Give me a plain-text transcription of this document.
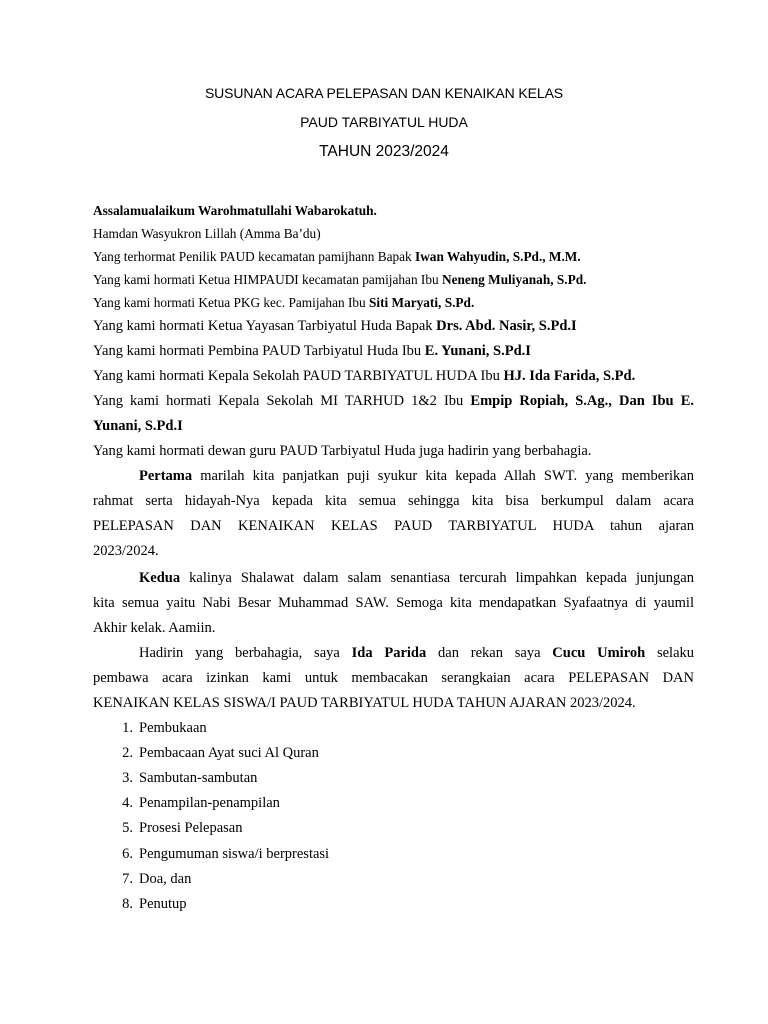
SUSUNAN ACARA PELEPASAN DAN KENAIKAN KELAS
PAUD TARBIYATUL HUDA
TAHUN 2023/2024
Assalamualaikum Warohmatullahi Wabarokatuh.
Hamdan Wasyukron Lillah (Amma Ba’du)
Yang terhormat Penilik PAUD kecamatan pamijhann Bapak Iwan Wahyudin, S.Pd., M.M.
Yang kami hormati Ketua HIMPAUDI kecamatan pamijahan Ibu Neneng Muliyanah, S.Pd.
Yang kami hormati Ketua PKG kec. Pamijahan Ibu Siti Maryati, S.Pd.
Yang kami hormati Ketua Yayasan Tarbiyatul Huda Bapak Drs. Abd. Nasir, S.Pd.I
Yang kami hormati Pembina PAUD Tarbiyatul Huda Ibu E. Yunani, S.Pd.I
Yang kami hormati Kepala Sekolah PAUD TARBIYATUL HUDA Ibu HJ. Ida Farida, S.Pd.
Yang kami hormati Kepala Sekolah MI TARHUD 1&2 Ibu Empip Ropiah, S.Ag., Dan Ibu E.
Yunani, S.Pd.I
Yang kami hormati dewan guru PAUD Tarbiyatul Huda juga hadirin yang berbahagia.
Pertama marilah kita panjatkan puji syukur kita kepada Allah SWT. yang memberikan
rahmat serta hidayah-Nya kepada kita semua sehingga kita bisa berkumpul dalam acara
PELEPASAN DAN KENAIKAN KELAS PAUD TARBIYATUL HUDA tahun ajaran
2023/2024.
Kedua kalinya Shalawat dalam salam senantiasa tercurah limpahkan kepada junjungan
kita semua yaitu Nabi Besar Muhammad SAW. Semoga kita mendapatkan Syafaatnya di yaumil
Akhir kelak. Aamiin.
Hadirin yang berbahagia, saya Ida Parida dan rekan saya Cucu Umiroh selaku
pembawa acara izinkan kami untuk membacakan serangkaian acara PELEPASAN DAN
KENAIKAN KELAS SISWA/I PAUD TARBIYATUL HUDA TAHUN AJARAN 2023/2024.
1. Pembukaan
2. Pembacaan Ayat suci Al Quran
3. Sambutan-sambutan
4. Penampilan-penampilan
5. Prosesi Pelepasan
6. Pengumuman siswa/i berprestasi
7. Doa, dan
8. Penutup
